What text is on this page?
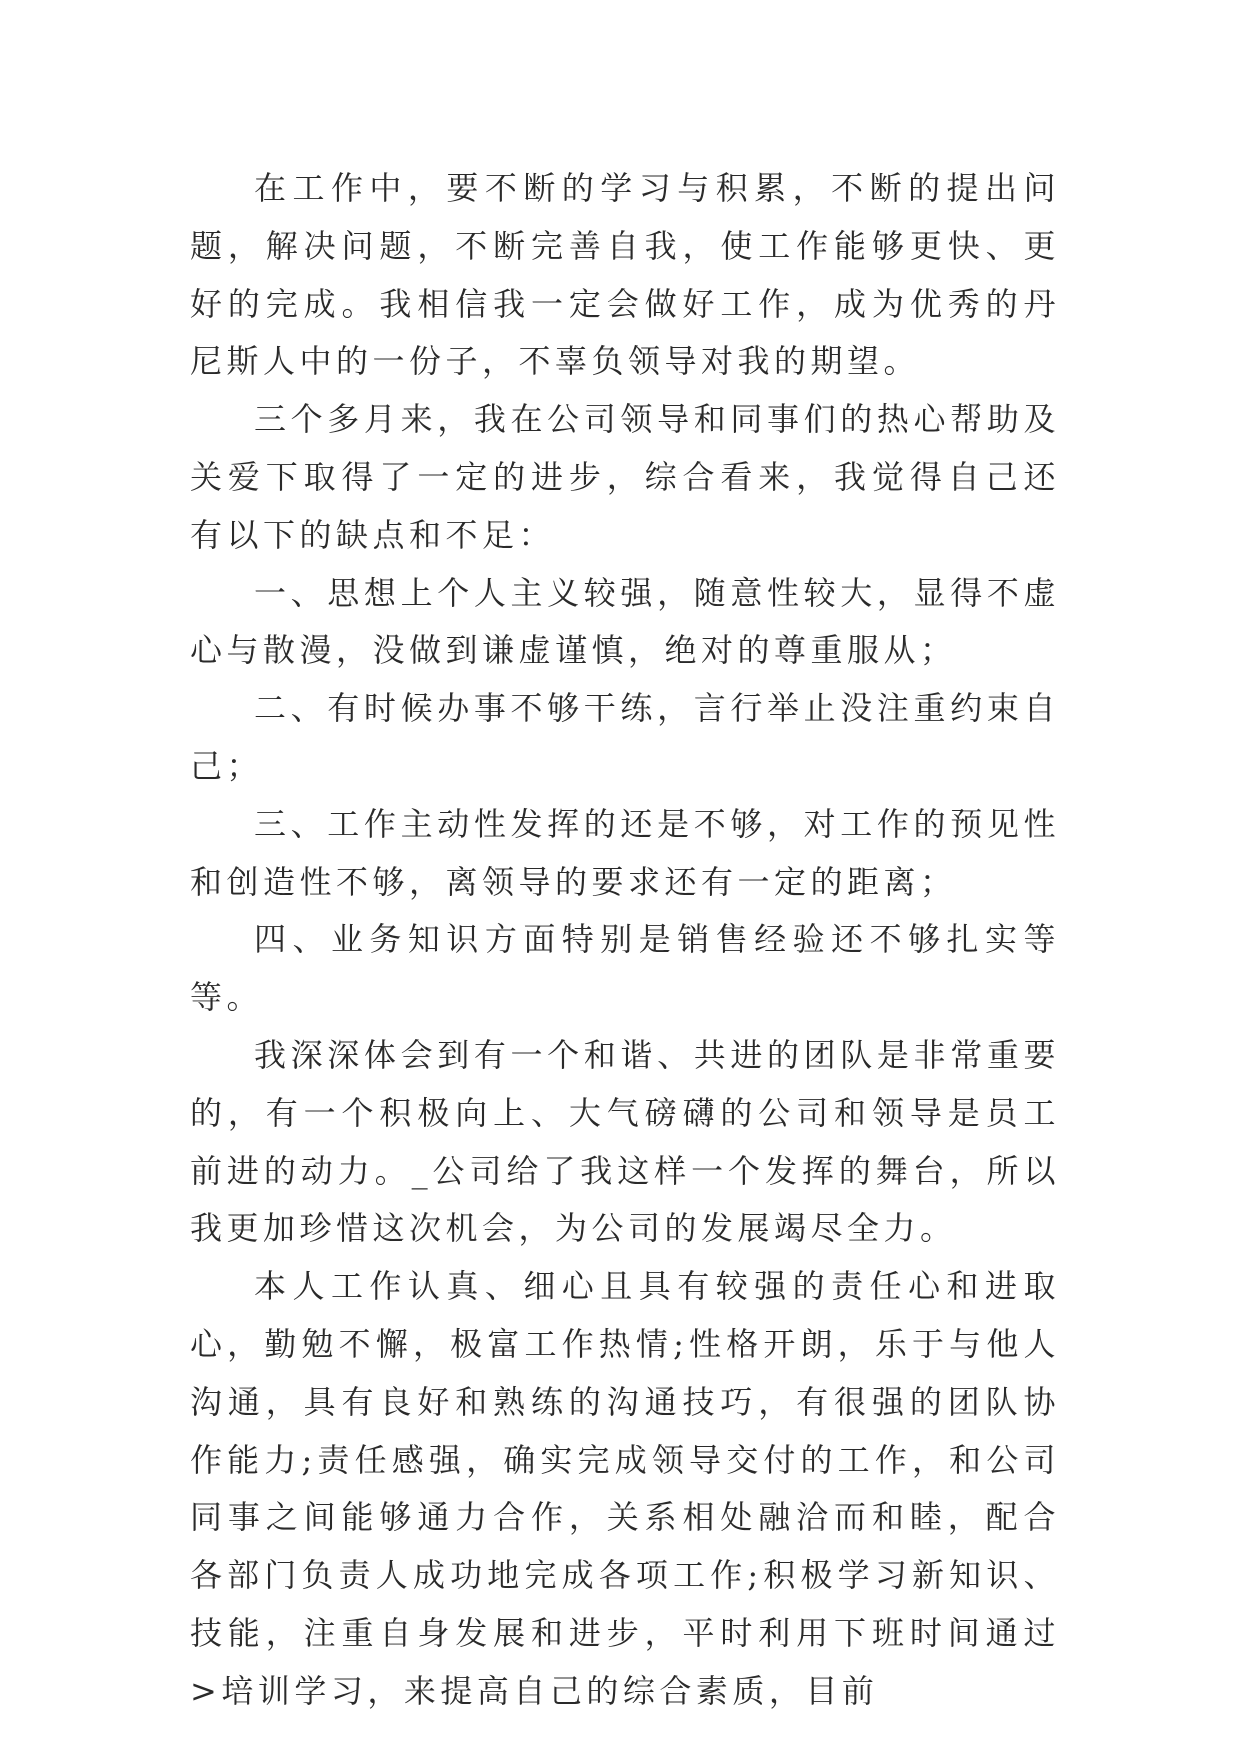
在工作中，要不断的学习与积累，不断的提出问题，解决问题，不断完善自我，使工作能够更快、更好的完成。我相信我一定会做好工作，成为优秀的丹尼斯人中的一份子，不辜负领导对我的期望。

三个多月来，我在公司领导和同事们的热心帮助及关爱下取得了一定的进步，综合看来，我觉得自己还有以下的缺点和不足：

一、思想上个人主义较强，随意性较大，显得不虚心与散漫，没做到谦虚谨慎，绝对的尊重服从；

二、有时候办事不够干练，言行举止没注重约束自己；

三、工作主动性发挥的还是不够，对工作的预见性和创造性不够，离领导的要求还有一定的距离；

四、业务知识方面特别是销售经验还不够扎实等等。

我深深体会到有一个和谐、共进的团队是非常重要的，有一个积极向上、大气磅礴的公司和领导是员工前进的动力。_公司给了我这样一个发挥的舞台，所以我更加珍惜这次机会，为公司的发展竭尽全力。

本人工作认真、细心且具有较强的责任心和进取心，勤勉不懈，极富工作热情;性格开朗，乐于与他人沟通，具有良好和熟练的沟通技巧，有很强的团队协作能力;责任感强，确实完成领导交付的工作，和公司同事之间能够通力合作，关系相处融洽而和睦，配合各部门负责人成功地完成各项工作;积极学习新知识、技能，注重自身发展和进步，平时利用下班时间通过>培训学习，来提高自己的综合素质，目前
